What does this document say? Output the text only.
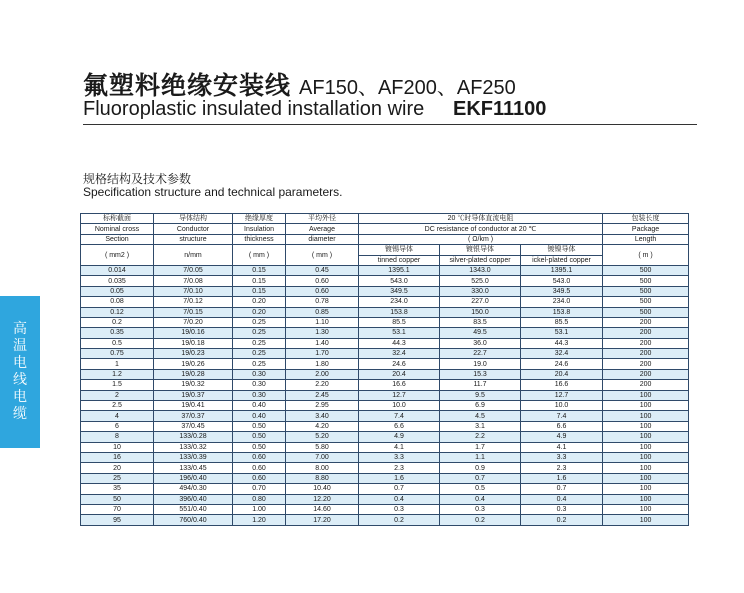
氟塑料绝缘安装线 AF150、AF200、AF250
Fluoroplastic insulated installation wire EKF11100
规格结构及技术参数
Specification structure and technical parameters.
高
温
电
线
电
缆
标称截面	导体结构	绝缘厚度	平均外径	20 ℃时导体直流电阻			包装长度
Nominal cross	Conductor	Insulation	Average	DC resistance of conductor at 20 ℃			Package
Section	structure	thickness	diameter	( Ω/km )			Length
( mm2 )	n/mm	( mm )	( mm )	镀锡导体	镀银导体	镀镍导体	( m )
				tinned copper	silver-plated copper	ickel-plated copper	
0.014	7/0.05	0.15	0.45	1395.1	1343.0	1395.1	500
0.035	7/0.08	0.15	0.60	543.0	525.0	543.0	500
0.05	7/0.10	0.15	0.60	349.5	330.0	349.5	500
0.08	7/0.12	0.20	0.78	234.0	227.0	234.0	500
0.12	7/0.15	0.20	0.85	153.8	150.0	153.8	500
0.2	7/0.20	0.25	1.10	85.5	83.5	85.5	200
0.35	19/0.16	0.25	1.30	53.1	49.5	53.1	200
0.5	19/0.18	0.25	1.40	44.3	36.0	44.3	200
0.75	19/0.23	0.25	1.70	32.4	22.7	32.4	200
1	19/0.26	0.25	1.80	24.6	19.0	24.6	200
1.2	19/0.28	0.30	2.00	20.4	15.3	20.4	200
1.5	19/0.32	0.30	2.20	16.6	11.7	16.6	200
2	19/0.37	0.30	2.45	12.7	9.5	12.7	100
2.5	19/0.41	0.40	2.95	10.0	6.9	10.0	100
4	37/0.37	0.40	3.40	7.4	4.5	7.4	100
6	37/0.45	0.50	4.20	6.6	3.1	6.6	100
8	133/0.28	0.50	5.20	4.9	2.2	4.9	100
10	133/0.32	0.50	5.80	4.1	1.7	4.1	100
16	133/0.39	0.60	7.00	3.3	1.1	3.3	100
20	133/0.45	0.60	8.00	2.3	0.9	2.3	100
25	196/0.40	0.60	8.80	1.6	0.7	1.6	100
35	494/0.30	0.70	10.40	0.7	0.5	0.7	100
50	396/0.40	0.80	12.20	0.4	0.4	0.4	100
70	551/0.40	1.00	14.60	0.3	0.3	0.3	100
95	760/0.40	1.20	17.20	0.2	0.2	0.2	100
